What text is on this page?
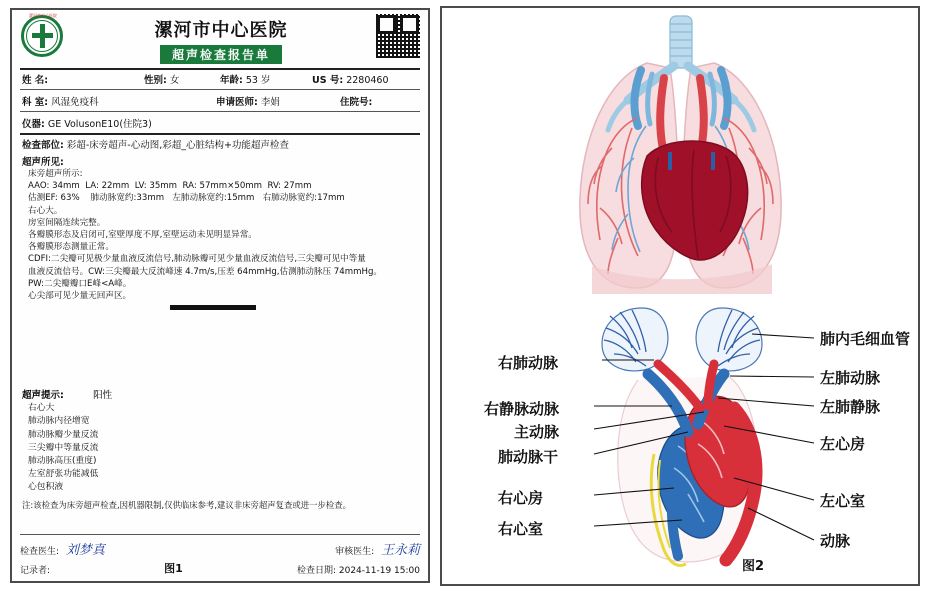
漯河市中心医院
漯河市中心医院
超声检查报告单
姓 名:	性别: 女	年龄: 53 岁	US 号: 2280460
科 室: 风湿免疫科	申请医师: 李娟	住院号:
仪器: GE VolusonE10(住院3)
检查部位: 彩超-床旁超声-心动图,彩超_心脏结构+功能超声检查
超声所见:
床旁超声所示:
AAO: 34mm  LA: 22mm  LV: 35mm  RA: 57mm×50mm  RV: 27mm
估测EF: 63%    肺动脉宽约:33mm   左肺动脉宽约:15mm   右肺动脉宽约:17mm
右心大。
房室间隔连续完整。
各瓣膜形态及启闭可,室壁厚度不厚,室壁运动未见明显异常。
各瓣膜形态测量正常。
CDFI:二尖瓣可见极少量血液反流信号,肺动脉瓣可见少量血液反流信号,三尖瓣可见中等量
血液反流信号。CW:三尖瓣最大反流峰速 4.7m/s,压差 64mmHg,估测肺动脉压 74mmHg。
PW:二尖瓣瓣口E峰<A峰。
心尖部可见少量无回声区。
超声提示:	阳性
右心大
肺动脉内径增宽
肺动脉瓣少量反流
三尖瓣中等量反流
肺动脉高压(重度)
左室舒张功能减低
心包积液
注:该检查为床旁超声检查,因机器限制,仅供临床参考,建议非床旁超声复查或进一步检查。
检查医生: 刘梦真	审核医生: 王永莉
记录者:	图1	检查日期: 2024-11-19 15:00
右肺动脉
右静脉动脉
主动脉
肺动脉干
右心房
右心室
肺内毛细血管
左肺动脉
左肺静脉
左心房
左心室
动脉
图2
